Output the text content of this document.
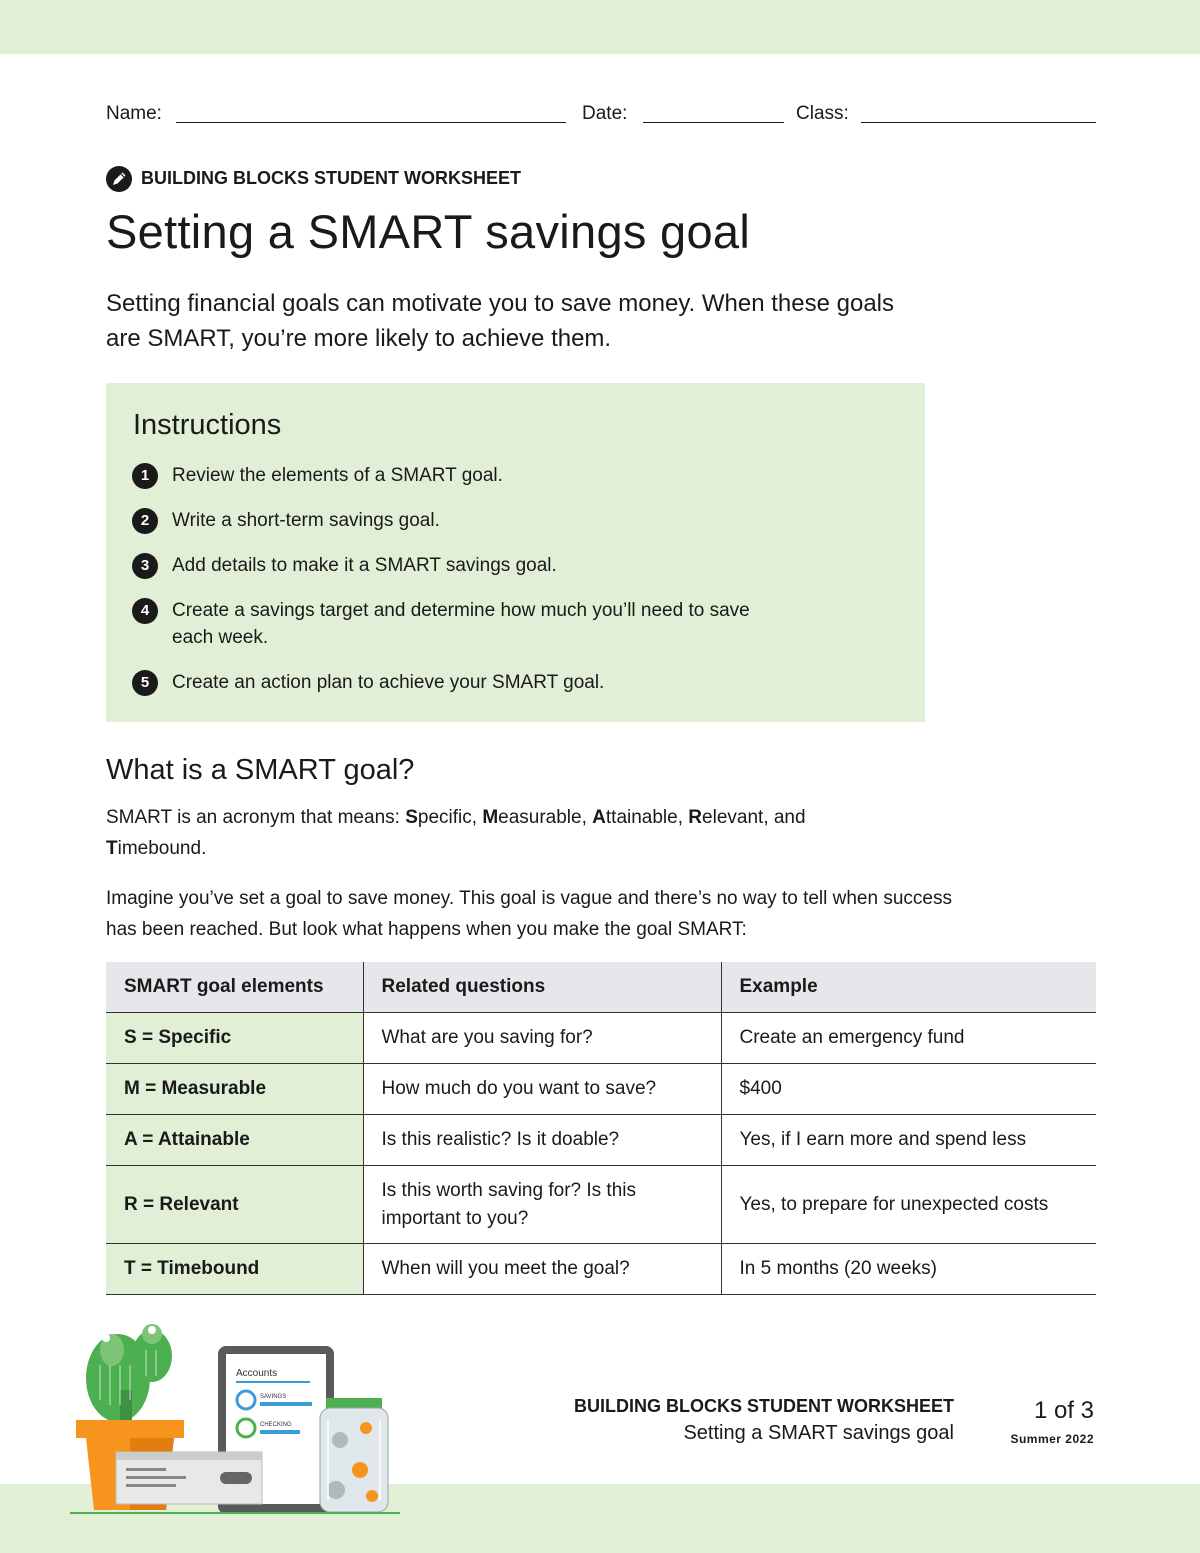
Name:	Date:	Class:
BUILDING BLOCKS STUDENT WORKSHEET
Setting a SMART savings goal

Setting financial goals can motivate you to save money. When these goals are SMART, you’re more likely to achieve them.

Instructions
1	Review the elements of a SMART goal.
2	Write a short-term savings goal.
3	Add details to make it a SMART savings goal.
4	Create a savings target and determine how much you’ll need to save each week.
5	Create an action plan to achieve your SMART goal.
What is a SMART goal?

SMART is an acronym that means: Specific, Measurable, Attainable, Relevant, and Timebound.

Imagine you’ve set a goal to save money. This goal is vague and there’s no way to tell when success has been reached. But look what happens when you make the goal SMART:

SMART goal elements	Related questions	Example
S = Specific	What are you saving for?	Create an emergency fund
M = Measurable	How much do you want to save?	$400
A = Attainable	Is this realistic? Is it doable?	Yes, if I earn more and spend less
R = Relevant	Is this worth saving for? Is this important to you?	Yes, to prepare for unexpected costs
T = Timebound	When will you meet the goal?	In 5 months (20 weeks)
Accounts
SAVINGS
CHECKING
BUILDING BLOCKS STUDENT WORKSHEET
Setting a SMART savings goal
1 of 3
Summer 2022
